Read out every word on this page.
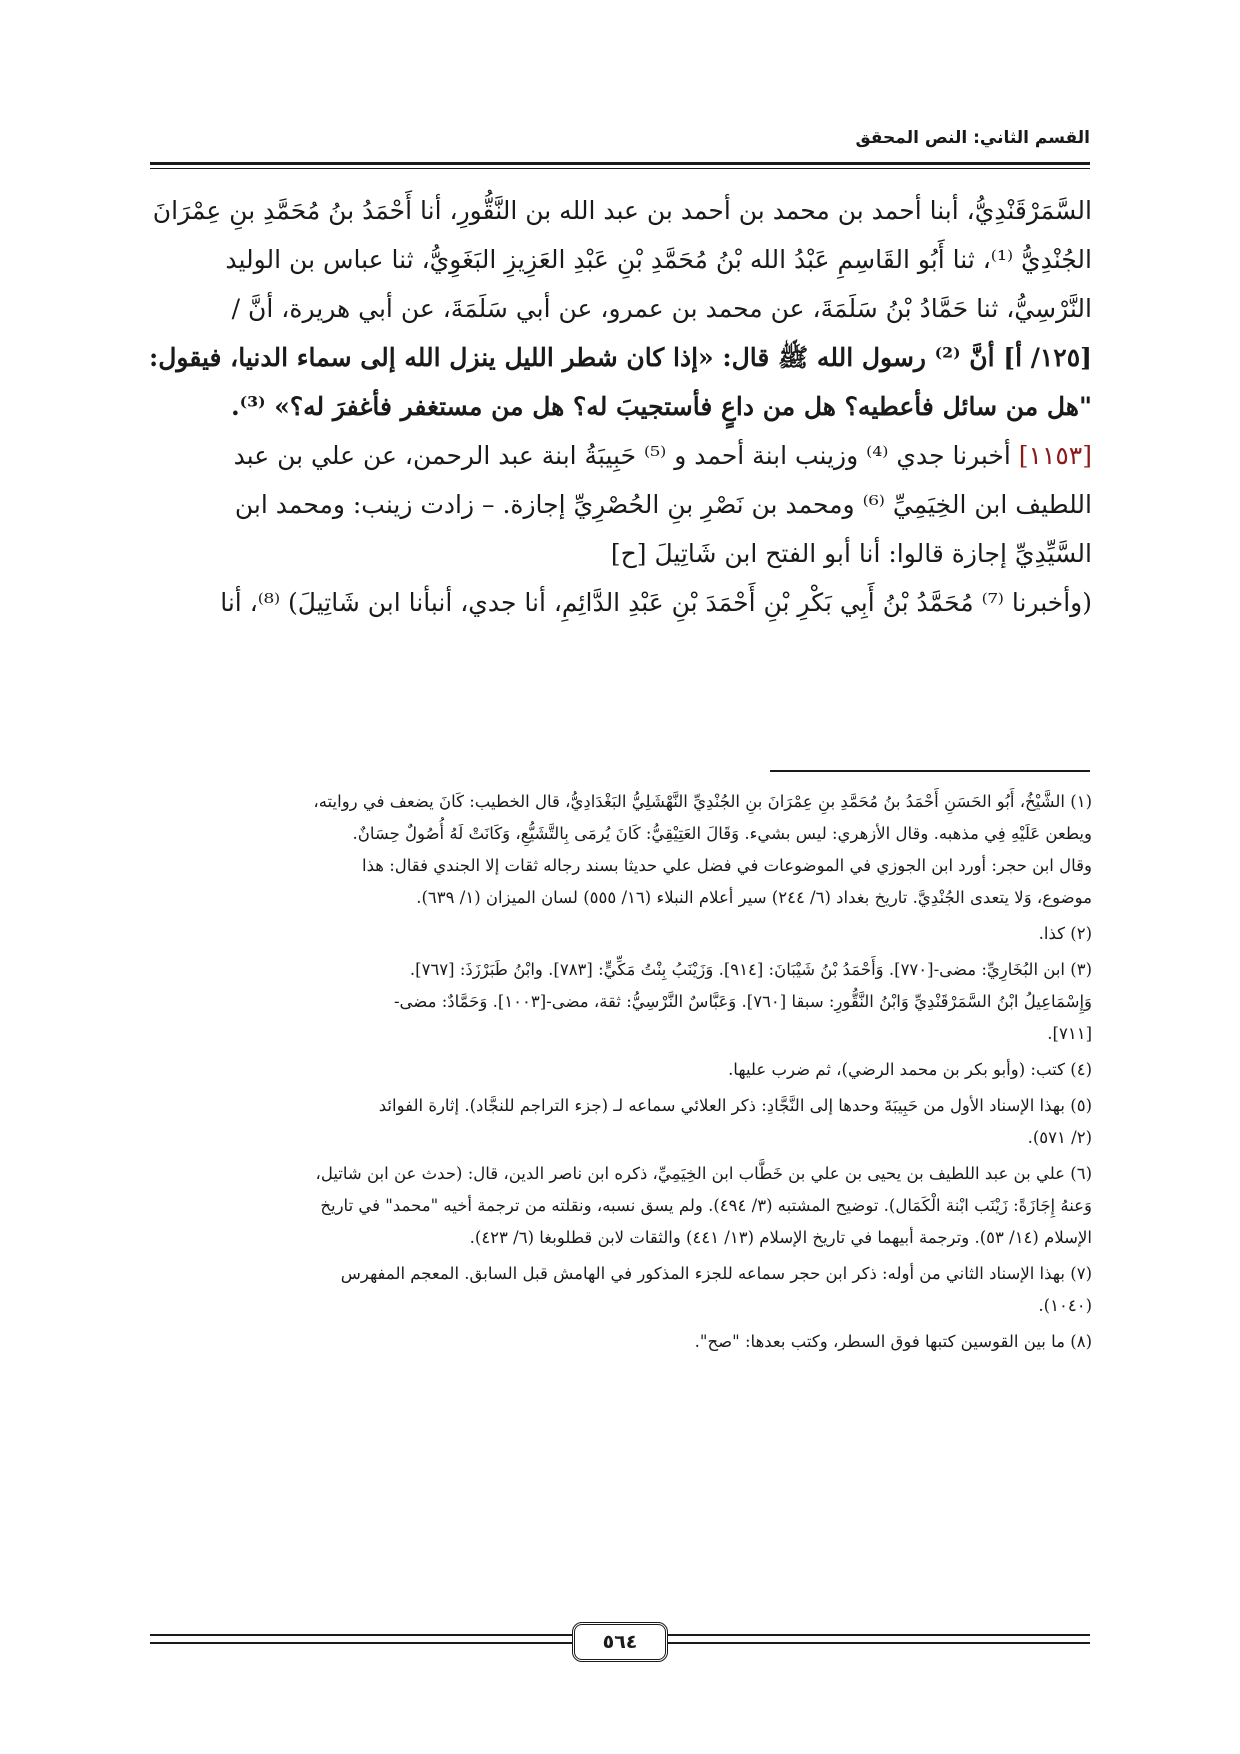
القسم الثاني: النص المحقق

السَّمَرْقَنْدِيُّ، أبنا أحمد بن محمد بن أحمد بن عبد الله بن النَّقُّورِ، أنا أَحْمَدُ بنُ مُحَمَّدِ بنِ عِمْرَانَ

الجُنْدِيُّ ⁽¹⁾، ثنا أَبُو القَاسِمِ عَبْدُ الله بْنُ مُحَمَّدِ بْنِ عَبْدِ العَزِيزِ البَغَوِيُّ، ثنا عباس بن الوليد

النَّرْسِيُّ، ثنا حَمَّادُ بْنُ سَلَمَةَ، عن محمد بن عمرو، عن أبي سَلَمَةَ، عن أبي هريرة، أنَّ /

[١٢٥/ أ] أنَّ ⁽²⁾ رسول الله ﷺ قال: «إذا كان شطر الليل ينزل الله إلى سماء الدنيا، فيقول:

"هل من سائل فأعطيه؟ هل من داعٍ فأستجيبَ له؟ هل من مستغفر فأغفرَ له؟» ⁽³⁾.

[١١٥٣] أخبرنا جدي ⁽⁴⁾ وزينب ابنة أحمد و ⁽⁵⁾ حَبِيبَةُ ابنة عبد الرحمن، عن علي بن عبد

اللطيف ابن الخِيَمِيِّ ⁽⁶⁾ ومحمد بن نَصْرِ بنِ الحُصْرِيِّ إجازة. – زادت زينب: ومحمد ابن

السَّيِّدِيِّ إجازة قالوا: أنا أبو الفتح ابن شَاتِيلَ [ح]

(وأخبرنا ⁽⁷⁾ مُحَمَّدُ بْنُ أَبِي بَكْرِ بْنِ أَحْمَدَ بْنِ عَبْدِ الدَّائِمِ، أنا جدي، أنبأنا ابن شَاتِيلَ) ⁽⁸⁾، أنا

(١) الشَّيْخُ، أَبُو الحَسَنِ أَحْمَدُ بنُ مُحَمَّدِ بنِ عِمْرَانَ بنِ الجُنْدِيِّ النَّهْشَلِيُّ البَغْدَادِيُّ، قال الخطيب: كَانَ يضعف في روايته،
ويطعن عَلَيْهِ فِي مذهبه. وقال الأزهري: ليس بشيء. وَقَالَ العَتِيْقِيُّ: كَانَ يُرمَى بِالتَّشَيُّعِ، وَكَانَتْ لَهُ أُصُولٌ حِسَانٌ.
وقال ابن حجر: أورد ابن الجوزي في الموضوعات في فضل علي حديثا بسند رجاله ثقات إلا الجندي فقال: هذا
موضوع، وَلا يتعدى الجُنْدِيَّ. تاريخ بغداد (٦/ ٢٤٤) سير أعلام النبلاء (١٦/ ٥٥٥) لسان الميزان (١/ ٦٣٩).
(٢) كذا.
(٣) ابن البُخَارِيِّ: مضى-[٧٧٠]. وَأَحْمَدُ بْنُ شَيْبَانَ: [٩١٤]. وَزَيْنَبُ بِنْتُ مَكِّيٍّ: [٧٨٣]. وابْنُ طَبَرْزَذَ: [٧٦٧].
وَإِسْمَاعِيلُ ابْنُ السَّمَرْقَنْدِيِّ وَابْنُ النَّقُّورِ: سبقا [٧٦٠]. وَعَبَّاسٌ النَّرْسِيُّ: ثقة، مضى-[١٠٠٣]. وَحَمَّادٌ: مضى-
[٧١١].
(٤) كتب: (وأبو بكر بن محمد الرضي)، ثم ضرب عليها.
(٥) بهذا الإسناد الأول من حَبِيبَةَ وحدها إلى النَّجَّادِ: ذكر العلائي سماعه لـ (جزء التراجم للنجَّاد). إثارة الفوائد
(٢/ ٥٧١).
(٦) علي بن عبد اللطيف بن يحيى بن علي بن خَطَّاب ابن الخِيَمِيِّ، ذكره ابن ناصر الدين، قال: (حدث عن ابن شاتيل،
وَعنهُ إِجَازَةً: زَيْنَب ابْنة الْكَمَال). توضيح المشتبه (٣/ ٤٩٤). ولم يسق نسبه، ونقلته من ترجمة أخيه "محمد" في تاريخ
الإسلام (١٤/ ٥٣). وترجمة أبيهما في تاريخ الإسلام (١٣/ ٤٤١) والثقات لابن قطلوبغا (٦/ ٤٢٣).
(٧) بهذا الإسناد الثاني من أوله: ذكر ابن حجر سماعه للجزء المذكور في الهامش قبل السابق. المعجم المفهرس
(١٠٤٠).
(٨) ما بين القوسين كتبها فوق السطر، وكتب بعدها: "صح".
٥٦٤
